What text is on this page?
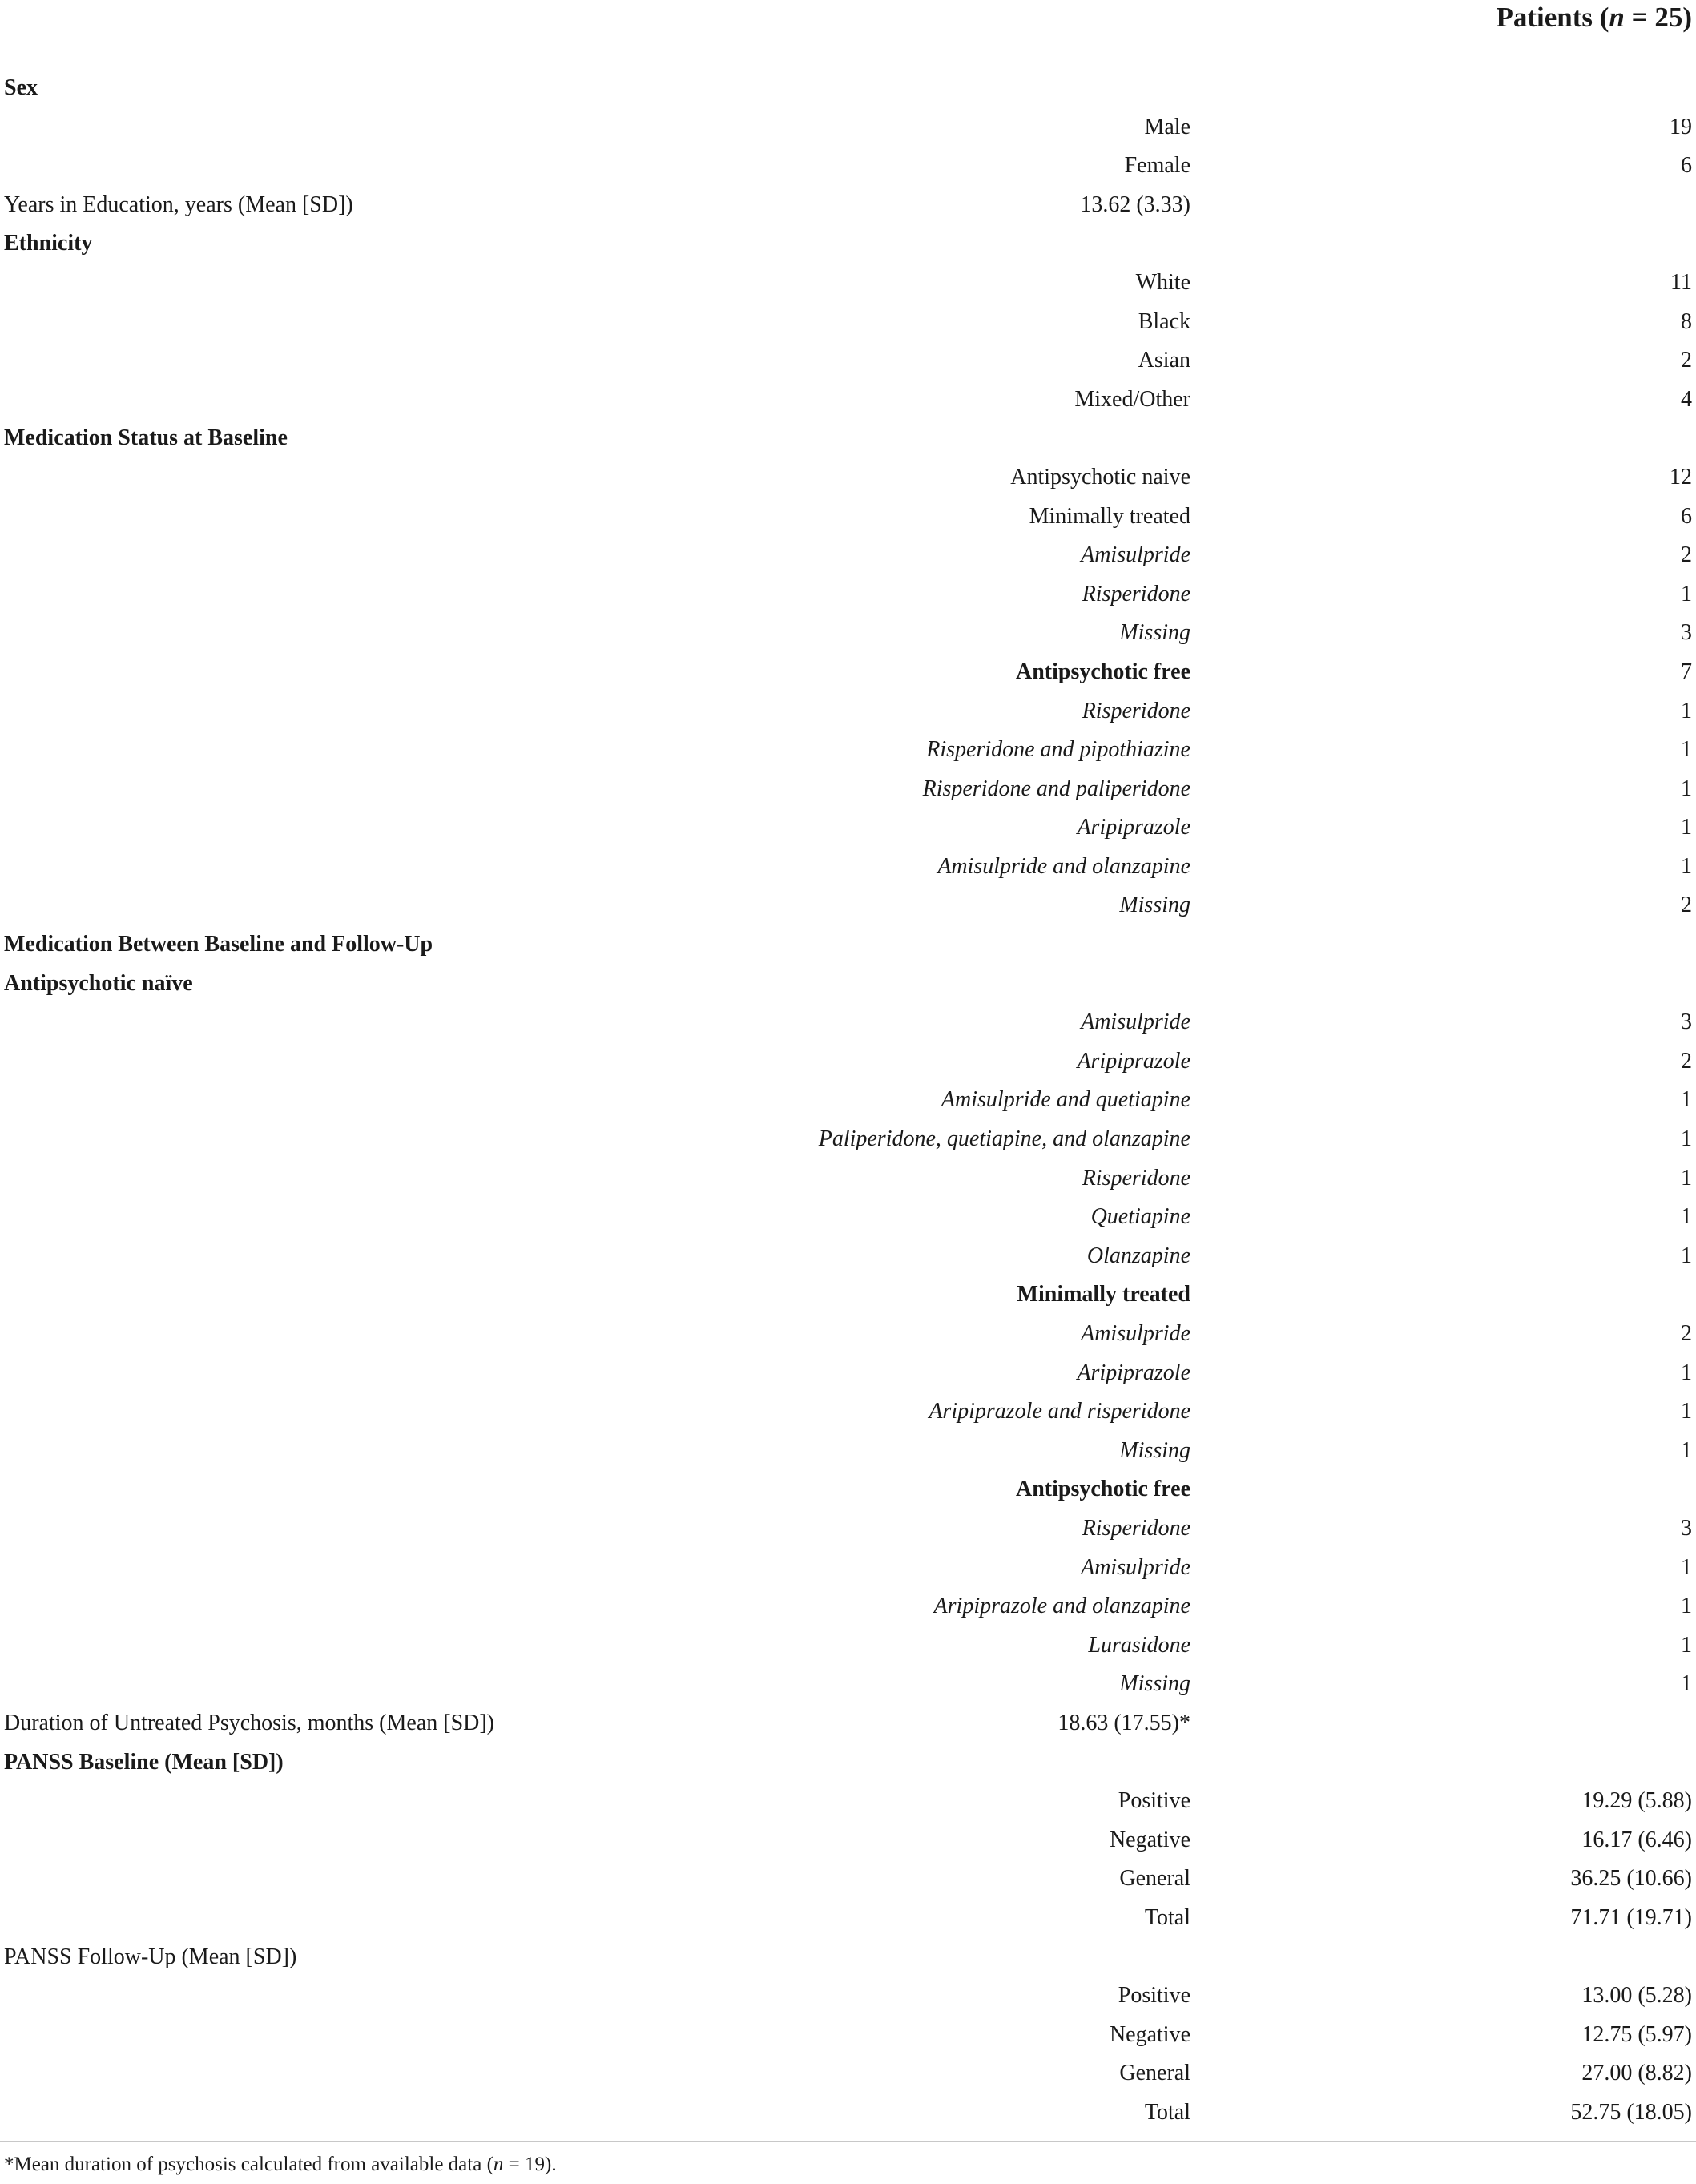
Patients (n = 25)
Sex
Male	19
Female	6
Years in Education, years (Mean [SD])	13.62 (3.33)
Ethnicity
White	11
Black	8
Asian	2
Mixed/Other	4
Medication Status at Baseline
Antipsychotic naive	12
Minimally treated	6
Amisulpride	2
Risperidone	1
Missing	3
Antipsychotic free	7
Risperidone	1
Risperidone and pipothiazine	1
Risperidone and paliperidone	1
Aripiprazole	1
Amisulpride and olanzapine	1
Missing	2
Medication Between Baseline and Follow-Up
Antipsychotic naïve
Amisulpride	3
Aripiprazole	2
Amisulpride and quetiapine	1
Paliperidone, quetiapine, and olanzapine	1
Risperidone	1
Quetiapine	1
Olanzapine	1
Minimally treated
Amisulpride	2
Aripiprazole	1
Aripiprazole and risperidone	1
Missing	1
Antipsychotic free
Risperidone	3
Amisulpride	1
Aripiprazole and olanzapine	1
Lurasidone	1
Missing	1
Duration of Untreated Psychosis, months (Mean [SD])	18.63 (17.55)*
PANSS Baseline (Mean [SD])
Positive	19.29 (5.88)
Negative	16.17 (6.46)
General	36.25 (10.66)
Total	71.71 (19.71)
PANSS Follow-Up (Mean [SD])
Positive	13.00 (5.28)
Negative	12.75 (5.97)
General	27.00 (8.82)
Total	52.75 (18.05)
*Mean duration of psychosis calculated from available data (n = 19).
